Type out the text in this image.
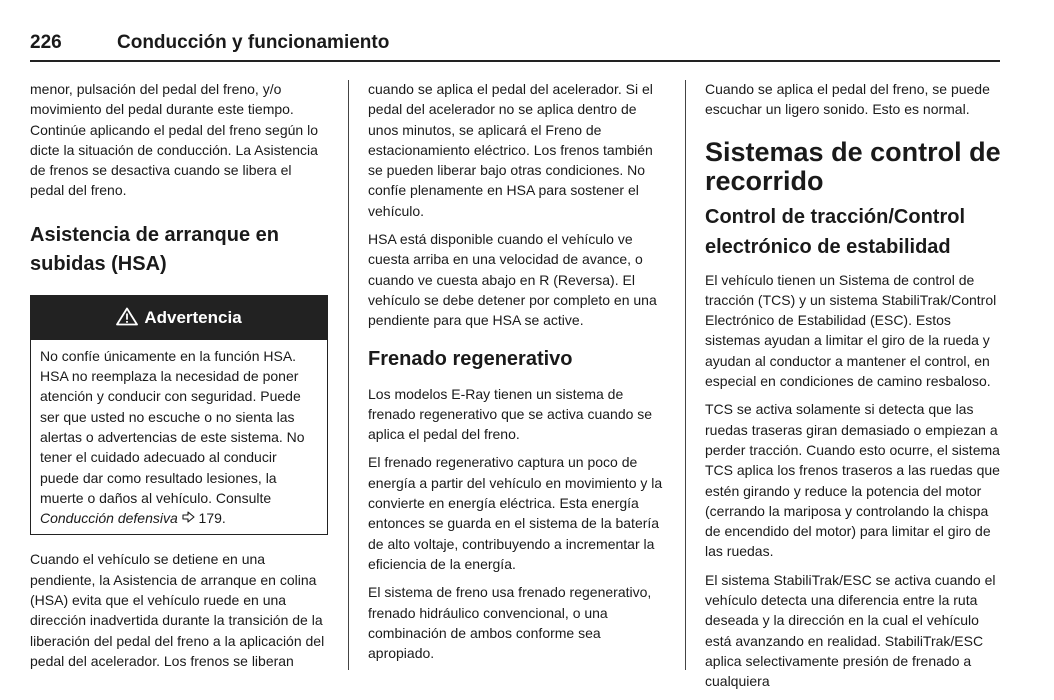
226	Conducción y funcionamiento

menor, pulsación del pedal del freno, y/o movimiento del pedal durante este tiempo. Continúe aplicando el pedal del freno según lo dicte la situación de conducción. La Asistencia de frenos se desactiva cuando se libera el pedal del freno.

Asistencia de arranque en subidas (HSA)
Advertencia

No confíe únicamente en la función HSA. HSA no reemplaza la necesidad de poner atención y conducir con seguridad. Puede ser que usted no escuche o no sienta las alertas o advertencias de este sistema. No tener el cuidado adecuado al conducir puede dar como resultado lesiones, la muerte o daños al vehículo. Consulte
Conducción defensiva 179.

Cuando el vehículo se detiene en una pendiente, la Asistencia de arranque en colina (HSA) evita que el vehículo ruede en una dirección inadvertida durante la transición de la liberación del pedal del freno a la aplicación del pedal del acelerador. Los frenos se liberan

cuando se aplica el pedal del acelerador. Si el pedal del acelerador no se aplica dentro de unos minutos, se aplicará el Freno de estacionamiento eléctrico. Los frenos también se pueden liberar bajo otras condiciones. No confíe plenamente en HSA para sostener el vehículo.

HSA está disponible cuando el vehículo ve cuesta arriba en una velocidad de avance, o cuando ve cuesta abajo en R (Reversa). El vehículo se debe detener por completo en una pendiente para que HSA se active.

Frenado regenerativo

Los modelos E-Ray tienen un sistema de frenado regenerativo que se activa cuando se aplica el pedal del freno.

El frenado regenerativo captura un poco de energía a partir del vehículo en movimiento y la convierte en energía eléctrica. Esta energía entonces se guarda en el sistema de la batería de alto voltaje, contribuyendo a incrementar la eficiencia de la energía.

El sistema de freno usa frenado regenerativo, frenado hidráulico convencional, o una combinación de ambos conforme sea apropiado.

Cuando se aplica el pedal del freno, se puede escuchar un ligero sonido. Esto es normal.

Sistemas de control de recorrido
Control de tracción/Control electrónico de estabilidad

El vehículo tienen un Sistema de control de tracción (TCS) y un sistema StabiliTrak/Control Electrónico de Estabilidad (ESC). Estos sistemas ayudan a limitar el giro de la rueda y ayudan al conductor a mantener el control, en especial en condiciones de camino resbaloso.

TCS se activa solamente si detecta que las ruedas traseras giran demasiado o empiezan a perder tracción. Cuando esto ocurre, el sistema TCS aplica los frenos traseros a las ruedas que estén girando y reduce la potencia del motor (cerrando la mariposa y controlando la chispa de encendido del motor) para limitar el giro de las ruedas.

El sistema StabiliTrak/ESC se activa cuando el vehículo detecta una diferencia entre la ruta deseada y la dirección en la cual el vehículo está avanzando en realidad. StabiliTrak/ESC aplica selectivamente presión de frenado a cualquiera
